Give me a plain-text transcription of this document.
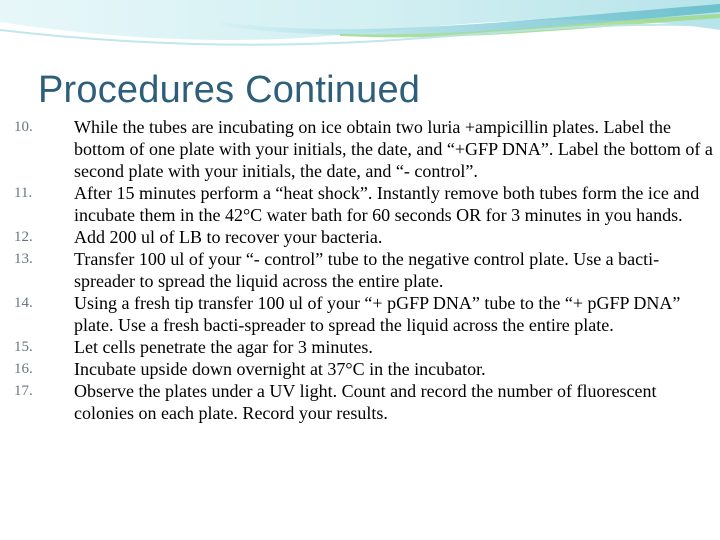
Procedures Continued
10.	While the tubes are incubating on ice obtain two luria +ampicillin plates. Label the bottom of one plate with your initials, the date, and “+GFP DNA”. Label the bottom of a second plate with your initials, the date, and “- control”.
11.	After 15 minutes perform a “heat shock”. Instantly remove both tubes form the ice and incubate them in the 42°C water bath for 60 seconds OR for 3 minutes in you hands.
12.	Add 200 ul of LB to recover your bacteria.
13.	Transfer 100 ul of your “- control” tube to the negative control plate. Use a bacti-spreader to spread the liquid across the entire plate.
14.	Using a fresh tip transfer 100 ul of your “+ pGFP DNA” tube to the “+ pGFP DNA” plate. Use a fresh bacti-spreader to spread the liquid across the entire plate.
15.	Let cells penetrate the agar for 3 minutes.
16.	Incubate upside down overnight at 37°C in the incubator.
17.	Observe the plates under a UV light. Count and record the number of fluorescent colonies on each plate. Record your results.
